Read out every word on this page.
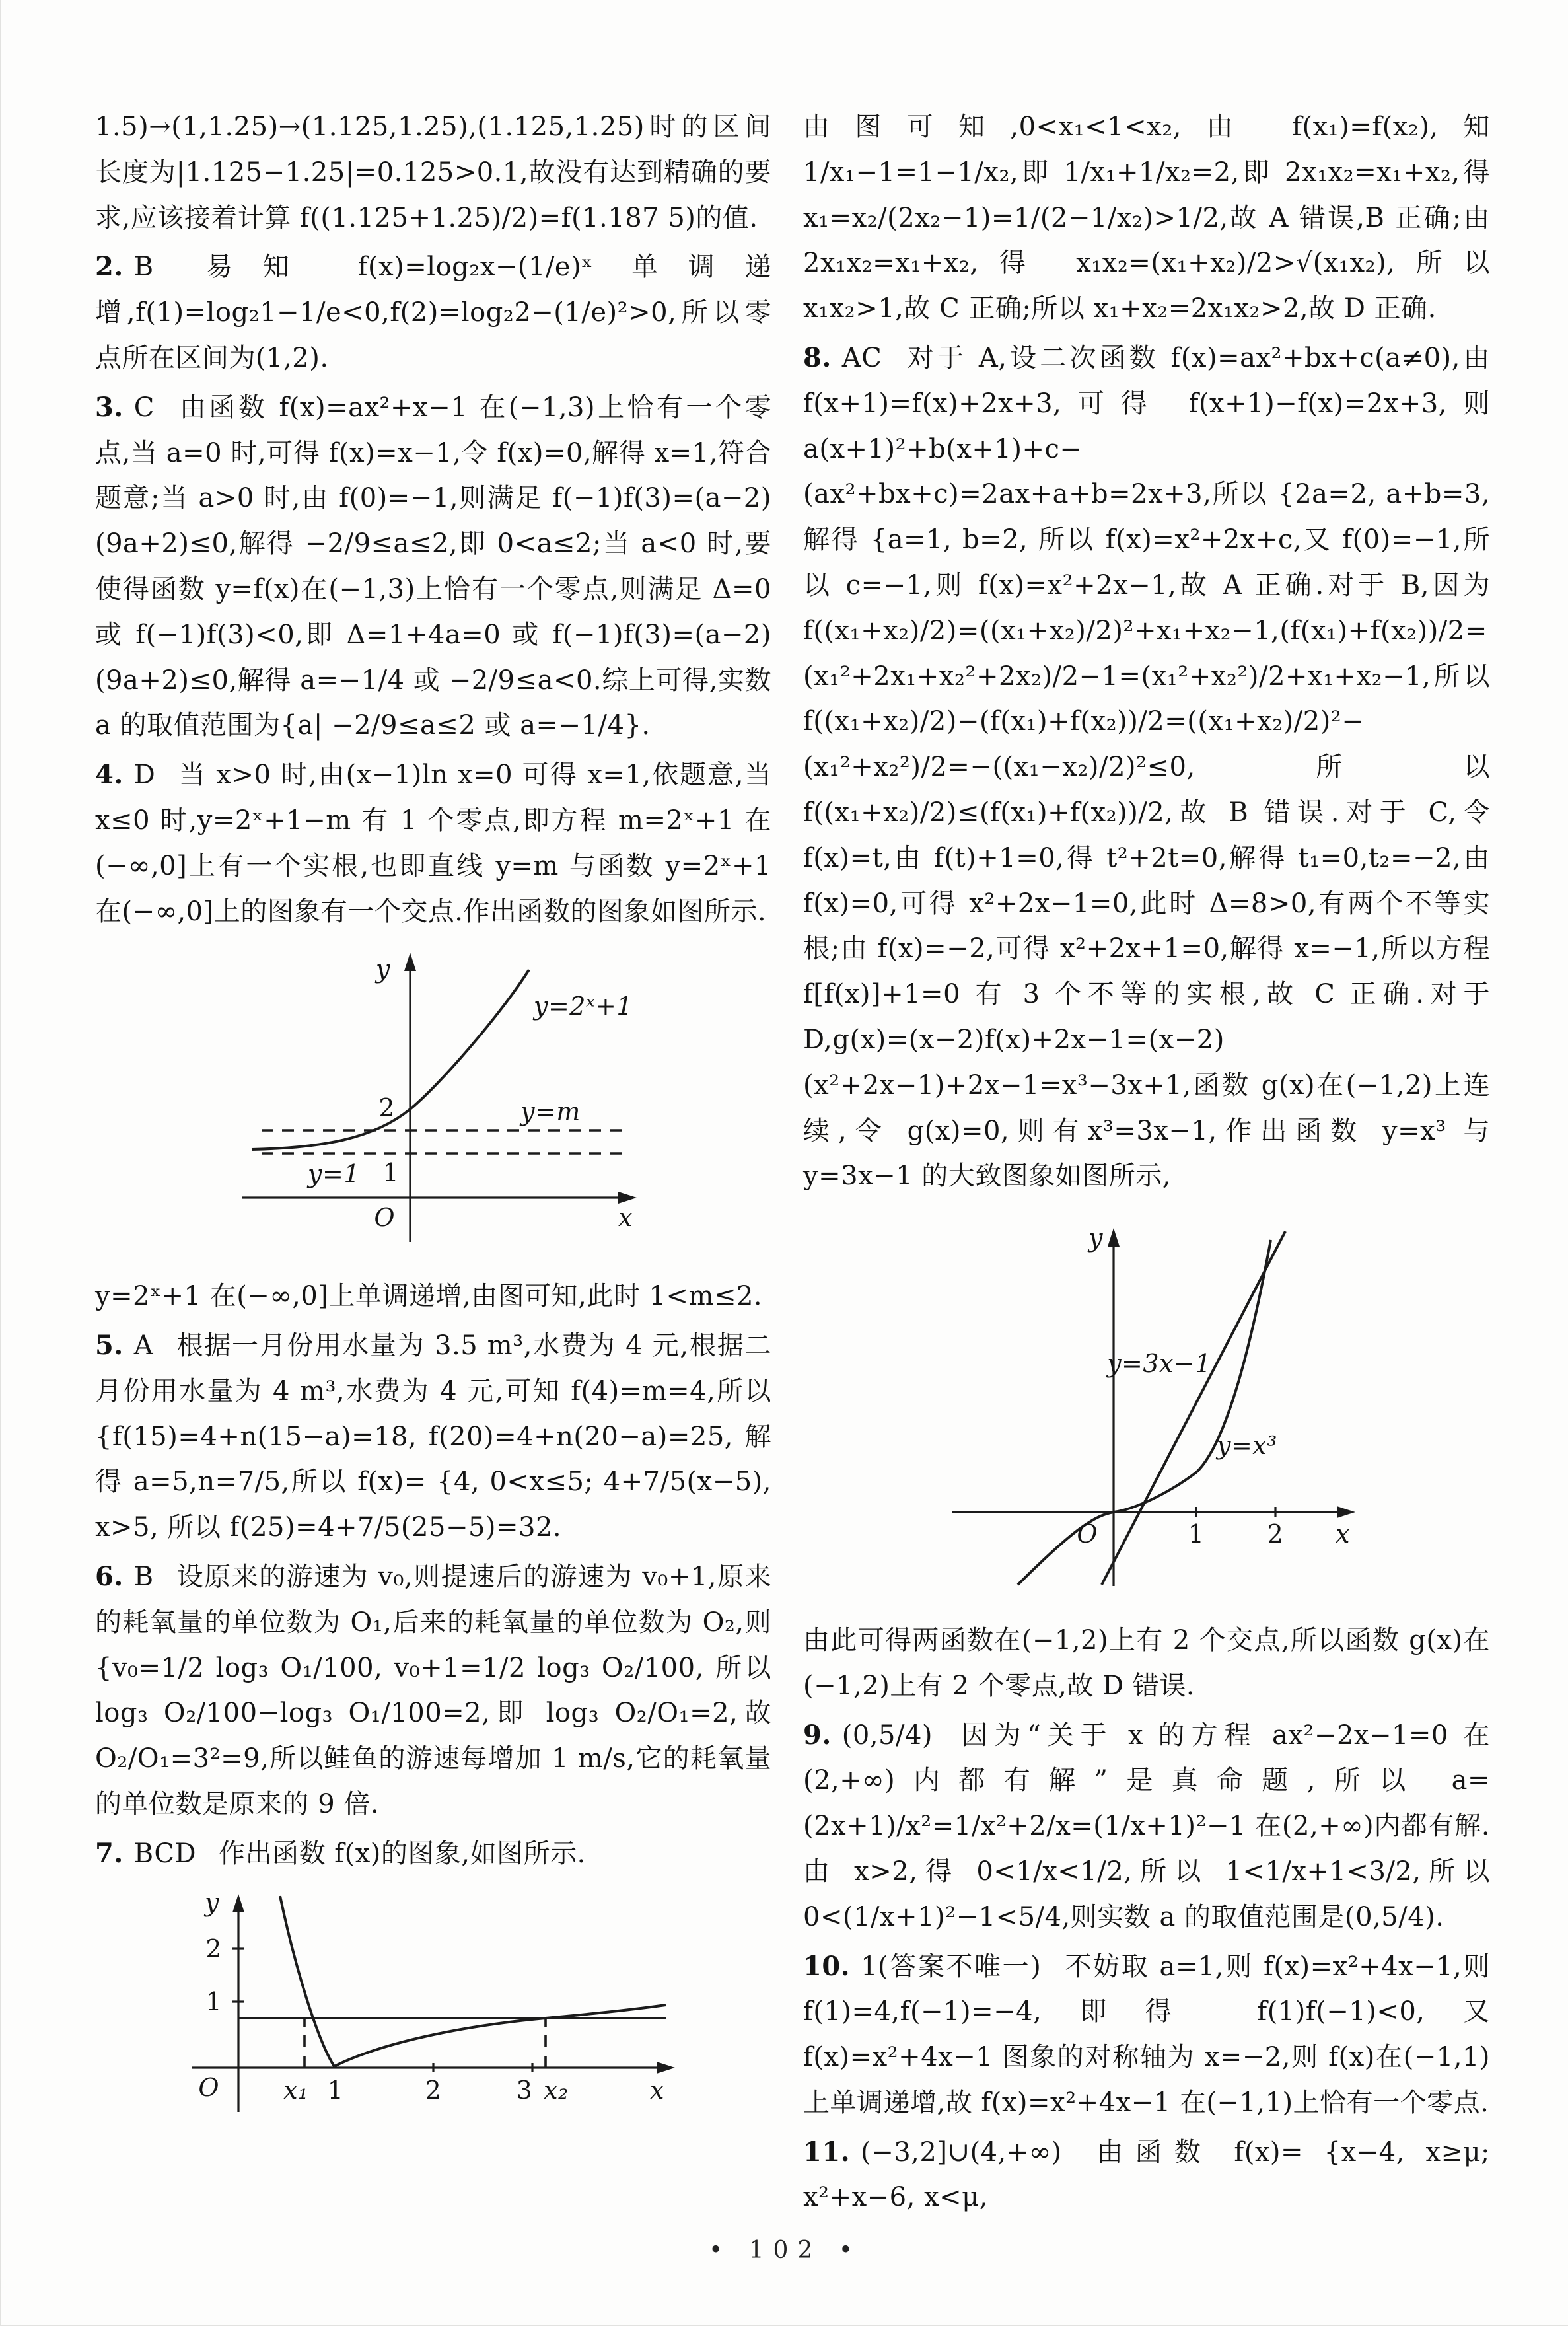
1.5)→(1,1.25)→(1.125,1.25),(1.125,1.25)时的区间长度为|1.125−1.25|=0.125>0.1,故没有达到精确的要求,应该接着计算 f((1.125+1.25)/2)=f(1.187 5)的值.

2. B 易知 f(x)=log₂x−(1/e)ˣ 单调递增,f(1)=log₂1−1/e<0,f(2)=log₂2−(1/e)²>0,所以零点所在区间为(1,2).

3. C 由函数 f(x)=ax²+x−1 在(−1,3)上恰有一个零点,当 a=0 时,可得 f(x)=x−1,令 f(x)=0,解得 x=1,符合题意;当 a>0 时,由 f(0)=−1,则满足 f(−1)f(3)=(a−2)(9a+2)≤0,解得 −2/9≤a≤2,即 0<a≤2;当 a<0 时,要使得函数 y=f(x)在(−1,3)上恰有一个零点,则满足 Δ=0 或 f(−1)f(3)<0,即 Δ=1+4a=0 或 f(−1)f(3)=(a−2)(9a+2)≤0,解得 a=−1/4 或 −2/9≤a<0.综上可得,实数 a 的取值范围为{a| −2/9≤a≤2 或 a=−1/4}.

4. D 当 x>0 时,由(x−1)ln x=0 可得 x=1,依题意,当 x≤0 时,y=2ˣ+1−m 有 1 个零点,即方程 m=2ˣ+1 在(−∞,0]上有一个实根,也即直线 y=m 与函数 y=2ˣ+1 在(−∞,0]上的图象有一个交点.作出函数的图象如图所示.

y
x
O
2
1
y=2ˣ+1
y=m
y=1

y=2ˣ+1 在(−∞,0]上单调递增,由图可知,此时 1<m≤2.

5. A 根据一月份用水量为 3.5 m³,水费为 4 元,根据二月份用水量为 4 m³,水费为 4 元,可知 f(4)=m=4,所以 {f(15)=4+n(15−a)=18, f(20)=4+n(20−a)=25, 解得 a=5,n=7/5,所以 f(x)= {4, 0<x≤5; 4+7/5(x−5), x>5, 所以 f(25)=4+7/5(25−5)=32.

6. B 设原来的游速为 v₀,则提速后的游速为 v₀+1,原来的耗氧量的单位数为 O₁,后来的耗氧量的单位数为 O₂,则 {v₀=1/2 log₃ O₁/100, v₀+1=1/2 log₃ O₂/100, 所以 log₃ O₂/100−log₃ O₁/100=2,即 log₃ O₂/O₁=2,故 O₂/O₁=3²=9,所以鲑鱼的游速每增加 1 m/s,它的耗氧量的单位数是原来的 9 倍.

7. BCD 作出函数 f(x)的图象,如图所示.

y
2
1
O	x₁ 1	2	3 x₂	x

由图可知,0<x₁<1<x₂,由 f(x₁)=f(x₂),知 1/x₁−1=1−1/x₂,即 1/x₁+1/x₂=2,即 2x₁x₂=x₁+x₂,得 x₁=x₂/(2x₂−1)=1/(2−1/x₂)>1/2,故 A 错误,B 正确;由 2x₁x₂=x₁+x₂,得 x₁x₂=(x₁+x₂)/2>√(x₁x₂),所以 x₁x₂>1,故 C 正确;所以 x₁+x₂=2x₁x₂>2,故 D 正确.

8. AC 对于 A,设二次函数 f(x)=ax²+bx+c(a≠0),由 f(x+1)=f(x)+2x+3,可得 f(x+1)−f(x)=2x+3,则 a(x+1)²+b(x+1)+c−(ax²+bx+c)=2ax+a+b=2x+3,所以 {2a=2, a+b=3, 解得 {a=1, b=2, 所以 f(x)=x²+2x+c,又 f(0)=−1,所以 c=−1,则 f(x)=x²+2x−1,故 A 正确.对于 B,因为 f((x₁+x₂)/2)=((x₁+x₂)/2)²+x₁+x₂−1,(f(x₁)+f(x₂))/2=(x₁²+2x₁+x₂²+2x₂)/2−1=(x₁²+x₂²)/2+x₁+x₂−1,所以 f((x₁+x₂)/2)−(f(x₁)+f(x₂))/2=((x₁+x₂)/2)²−(x₁²+x₂²)/2=−((x₁−x₂)/2)²≤0,所以 f((x₁+x₂)/2)≤(f(x₁)+f(x₂))/2,故 B 错误.对于 C,令 f(x)=t,由 f(t)+1=0,得 t²+2t=0,解得 t₁=0,t₂=−2,由 f(x)=0,可得 x²+2x−1=0,此时 Δ=8>0,有两个不等实根;由 f(x)=−2,可得 x²+2x+1=0,解得 x=−1,所以方程 f[f(x)]+1=0 有 3 个不等的实根,故 C 正确.对于 D,g(x)=(x−2)f(x)+2x−1=(x−2)(x²+2x−1)+2x−1=x³−3x+1,函数 g(x)在(−1,2)上连续,令 g(x)=0,则有x³=3x−1,作出函数 y=x³ 与 y=3x−1 的大致图象如图所示,

y
x
O	1	2
y=3x−1
y=x³

由此可得两函数在(−1,2)上有 2 个交点,所以函数 g(x)在(−1,2)上有 2 个零点,故 D 错误.

9. (0,5/4) 因为“关于 x 的方程 ax²−2x−1=0 在(2,+∞)内都有解”是真命题,所以 a=(2x+1)/x²=1/x²+2/x=(1/x+1)²−1 在(2,+∞)内都有解.由 x>2,得 0<1/x<1/2,所以 1<1/x+1<3/2,所以 0<(1/x+1)²−1<5/4,则实数 a 的取值范围是(0,5/4).

10. 1(答案不唯一) 不妨取 a=1,则 f(x)=x²+4x−1,则 f(1)=4,f(−1)=−4,即得 f(1)f(−1)<0,又 f(x)=x²+4x−1 图象的对称轴为 x=−2,则 f(x)在(−1,1)上单调递增,故 f(x)=x²+4x−1 在(−1,1)上恰有一个零点.

11. (−3,2]∪(4,+∞) 由函数 f(x)= {x−4, x≥μ; x²+x−6, x<μ,

• 102 •
